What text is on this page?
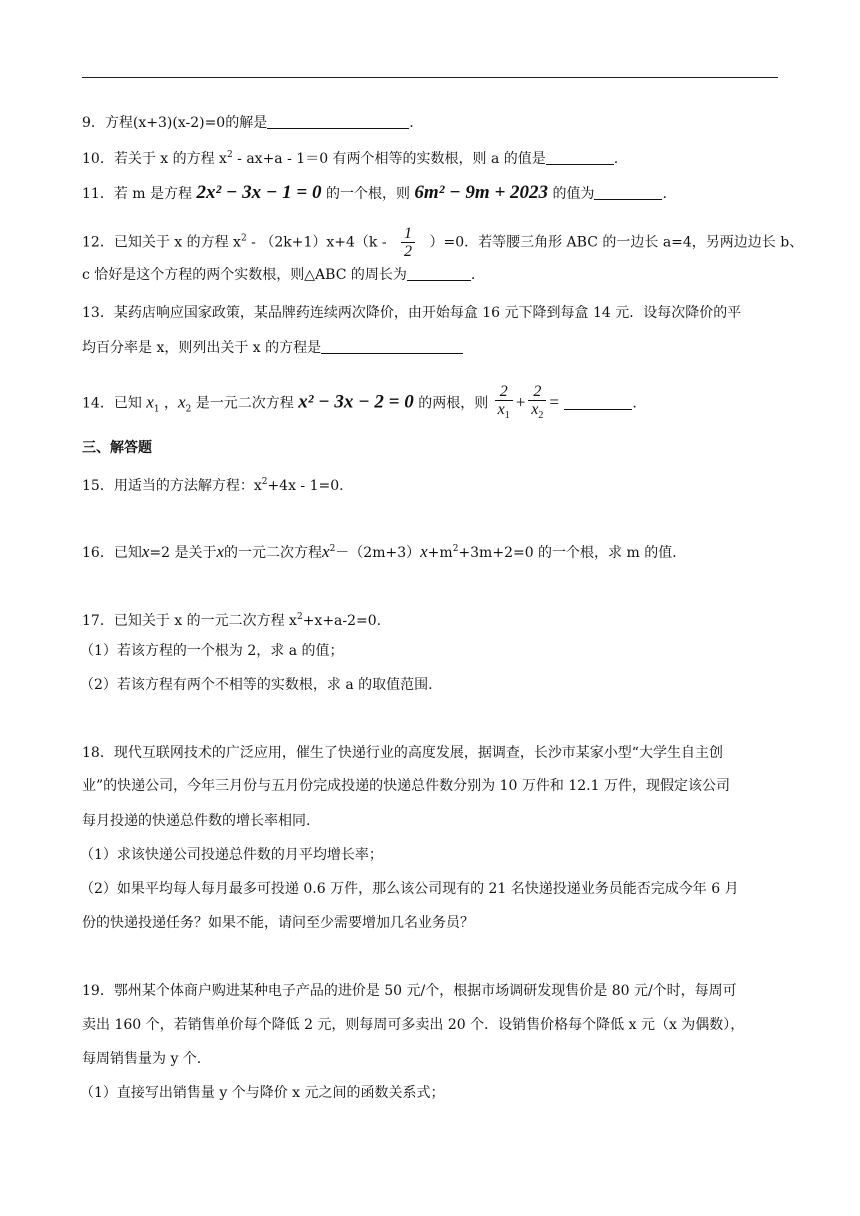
9．方程(x+3)(x-2)=0的解是	.
10．若关于 x 的方程 $x^2 - ax+a - 1=0$ 有两个相等的实数根，则 a 的值是	.
11．若 m 是方程 2x² − 3x − 1 = 0 的一个根，则 6m² − 9m + 2023 的值为	.
12．已知关于 x 的方程 $x^2 - (2k+1)x+4(k - \frac{1}{2} )=0$．若等腰三角形 ABC 的一边长 a=4，另两边边长 b、
c 恰好是这个方程的两个实数根，则△ABC 的周长为	.
13．某药店响应国家政策，某品牌药连续两次降价，由开始每盒 16 元下降到每盒 14 元．设每次降价的平
均百分率是 x，则列出关于 x 的方程是
14．已知 $x_1$ ，$x_2$ 是一元二次方程 x² − 3x − 2 = 0 的两根，则 $\frac{2}{x_1} + \frac{2}{x_2}$ =	.
三、解答题
15．用适当的方法解方程：$x^2+4x - 1=0$.
16．已知x=2 是关于x的一元二次方程$x^2-(2m+3)x+m^2+3m+2=0$ 的一个根，求 m 的值.
17．已知关于 x 的一元二次方程 $x^2+x+a-2=0$.
（1）若该方程的一个根为 2，求 a 的值；
（2）若该方程有两个不相等的实数根，求 a 的取值范围.
18．现代互联网技术的广泛应用，催生了快递行业的高度发展，据调查，长沙市某家小型“大学生自主创
业”的快递公司，今年三月份与五月份完成投递的快递总件数分别为 10 万件和 12.1 万件，现假定该公司
每月投递的快递总件数的增长率相同.
（1）求该快递公司投递总件数的月平均增长率；
（2）如果平均每人每月最多可投递 0.6 万件，那么该公司现有的 21 名快递投递业务员能否完成今年 6 月
份的快递投递任务？如果不能，请问至少需要增加几名业务员？
19．鄂州某个体商户购进某种电子产品的进价是 50 元/个，根据市场调研发现售价是 80 元/个时，每周可
卖出 160 个，若销售单价每个降低 2 元，则每周可多卖出 20 个．设销售价格每个降低 x 元（x 为偶数），
每周销售量为 y 个.
（1）直接写出销售量 y 个与降价 x 元之间的函数关系式；
